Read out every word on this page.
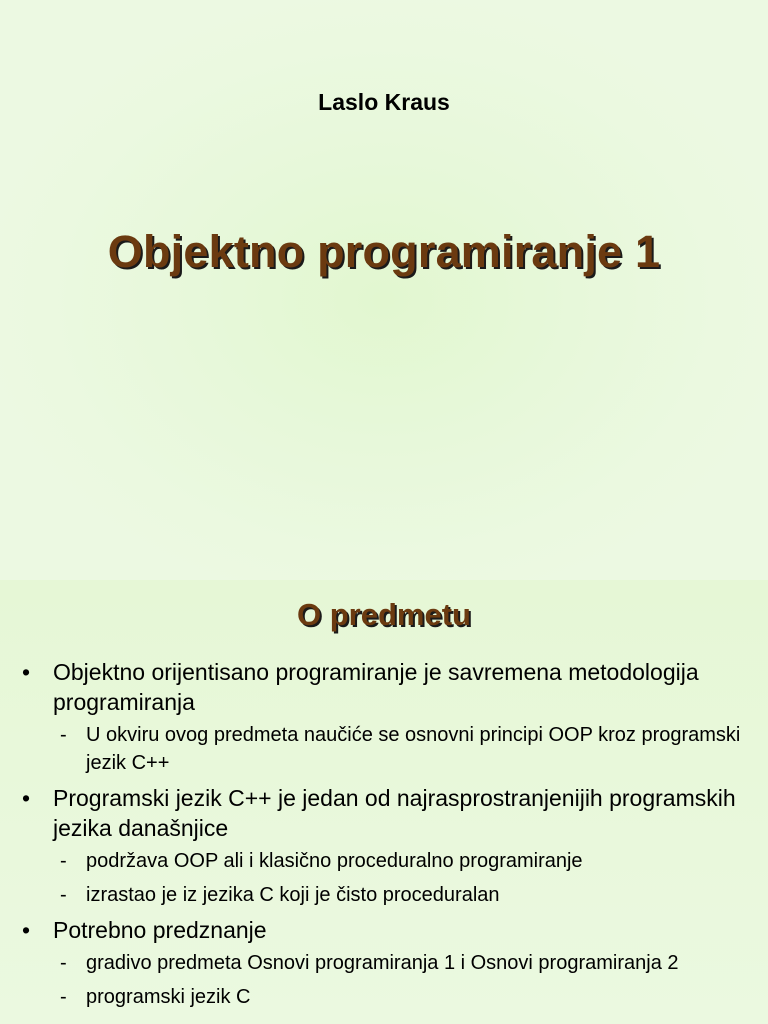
Laslo Kraus
Objektno programiranje 1
O predmetu
• Objektno orijentisano programiranje je savremena metodologija programiranja
- U okviru ovog predmeta naučiće se osnovni principi OOP kroz programski jezik C++
• Programski jezik C++ je jedan od najrasprostranjenijih programskih jezika današnjice
- podržava OOP ali i klasično proceduralno programiranje
- izrastao je iz jezika C koji je čisto proceduralan
• Potrebno predznanje
- gradivo predmeta Osnovi programiranja 1 i Osnovi programiranja 2
- programski jezik C
